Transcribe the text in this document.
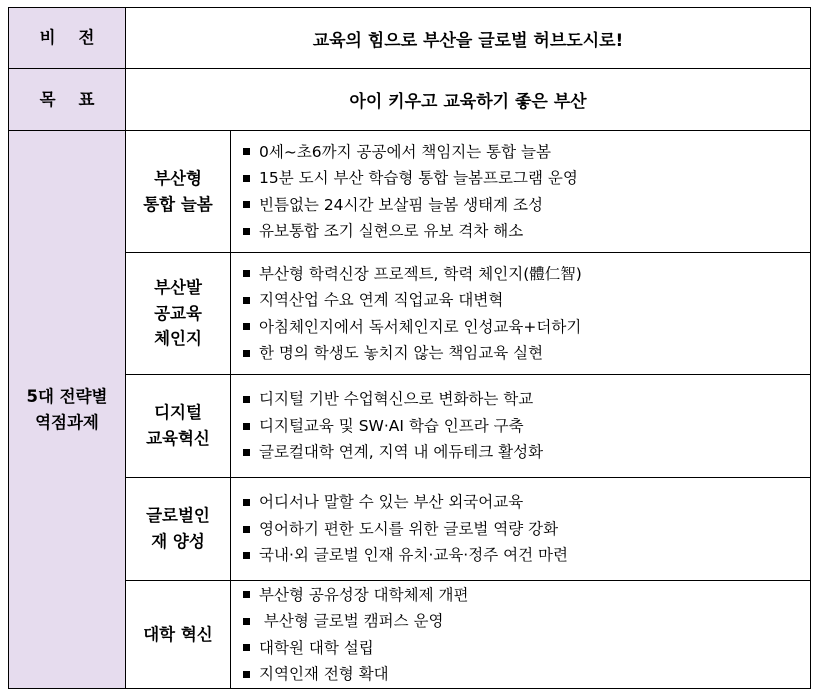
비    전	교육의 힘으로 부산을 글로벌 허브도시로!
목    표	아이 키우고 교육하기 좋은 부산
5대 전략별
역점과제
부산형
통합 늘봄
0세~초6까지 공공에서 책임지는 통합 늘봄
15분 도시 부산 학습형 통합 늘봄프로그램 운영
빈틈없는 24시간 보살핌 늘봄 생태계 조성
유보통합 조기 실현으로 유보 격차 해소
부산발
공교육
체인지
부산형 학력신장 프로젝트, 학력 체인지(體仁智)
지역산업 수요 연계 직업교육 대변혁
아침체인지에서 독서체인지로 인성교육+더하기
한 명의 학생도 놓치지 않는 책임교육 실현
디지털
교육혁신
디지털 기반 수업혁신으로 변화하는 학교
디지털교육 및 SW·AI 학습 인프라 구축
글로컬대학 연계, 지역 내 에듀테크 활성화
글로벌인
재 양성
어디서나 말할 수 있는 부산 외국어교육
영어하기 편한 도시를 위한 글로벌 역량 강화
국내·외 글로벌 인재 유치·교육·정주 여건 마련
대학 혁신
부산형 공유성장 대학체제 개편
부산형 글로벌 캠퍼스 운영
대학원 대학 설립
지역인재 전형 확대
